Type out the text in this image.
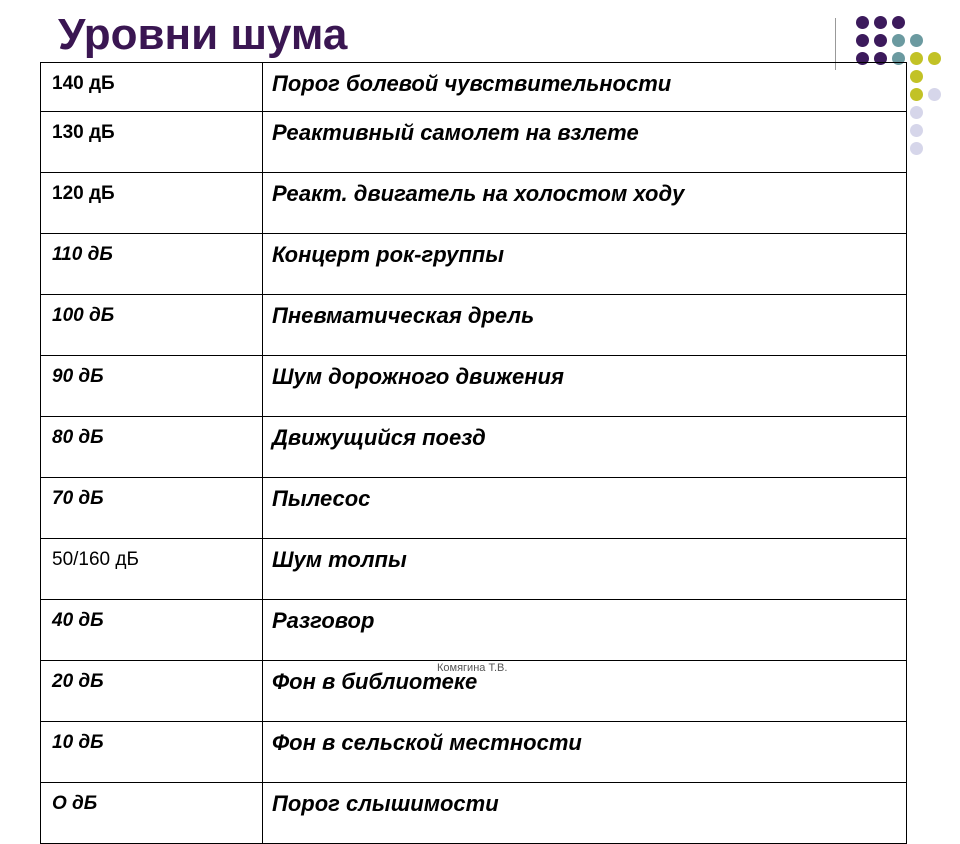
Уровни шума
140 дБ	Порог болевой чувствительности
130 дБ	Реактивный самолет на взлете
120 дБ	Реакт. двигатель на холостом ходу
110 дБ	Концерт рок-группы
100 дБ	Пневматическая дрель
90 дБ	Шум дорожного движения
80 дБ	Движущийся поезд
70 дБ	Пылесос
50/160 дБ	Шум толпы
40 дБ	Разговор
20 дБ	Фон в библиотеке
10 дБ	Фон в сельской местности
О дБ	Порог слышимости
Комягина Т.В.
